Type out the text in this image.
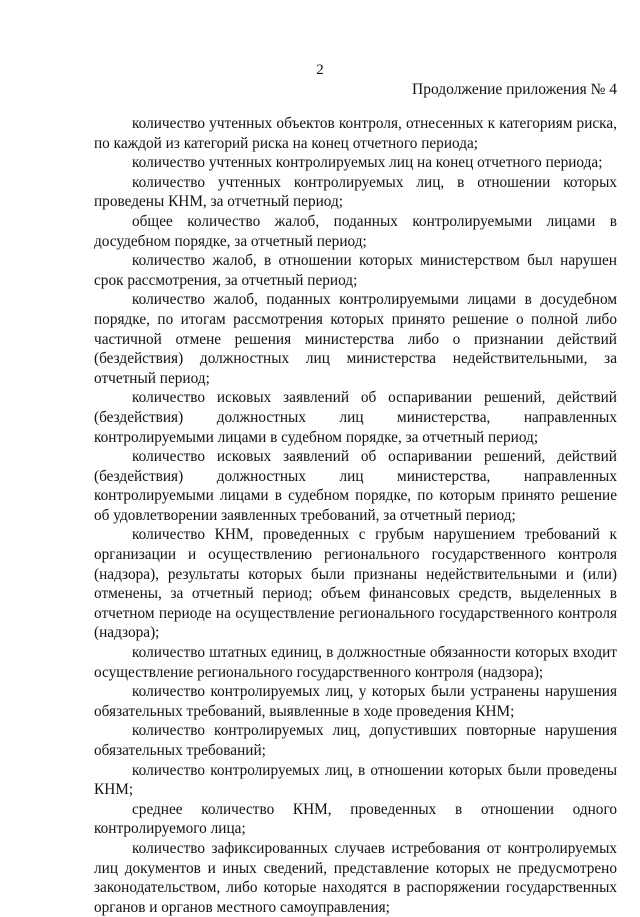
2

Продолжение приложения № 4

количество учтенных объектов контроля, отнесенных к категориям риска, по каждой из категорий риска на конец отчетного периода;

количество учтенных контролируемых лиц на конец отчетного периода;

количество учтенных контролируемых лиц, в отношении которых проведены КНМ, за отчетный период;

общее количество жалоб, поданных контролируемыми лицами в досудебном порядке, за отчетный период;

количество жалоб, в отношении которых министерством был нарушен срок рассмотрения, за отчетный период;

количество жалоб, поданных контролируемыми лицами в досудебном порядке, по итогам рассмотрения которых принято решение о полной либо частичной отмене решения министерства либо о признании действий (бездействия) должностных лиц министерства недействительными, за отчетный период;

количество исковых заявлений об оспаривании решений, действий (бездействия) должностных лиц министерства, направленных контролируемыми лицами в судебном порядке, за отчетный период;

количество исковых заявлений об оспаривании решений, действий (бездействия) должностных лиц министерства, направленных контролируемыми лицами в судебном порядке, по которым принято решение об удовлетворении заявленных требований, за отчетный период;

количество КНМ, проведенных с грубым нарушением требований к организации и осуществлению регионального государственного контроля (надзора), результаты которых были признаны недействительными и (или) отменены, за отчетный период; объем финансовых средств, выделенных в отчетном периоде на осуществление регионального государственного контроля (надзора);

количество штатных единиц, в должностные обязанности которых входит осуществление регионального государственного контроля (надзора);

количество контролируемых лиц, у которых были устранены нарушения обязательных требований, выявленные в ходе проведения КНМ;

количество контролируемых лиц, допустивших повторные нарушения обязательных требований;

количество контролируемых лиц, в отношении которых были проведены КНМ;

среднее количество КНМ, проведенных в отношении одного контролируемого лица;

количество зафиксированных случаев истребования от контролируемых лиц документов и иных сведений, представление которых не предусмотрено законодательством, либо которые находятся в распоряжении государственных органов и органов местного самоуправления;
